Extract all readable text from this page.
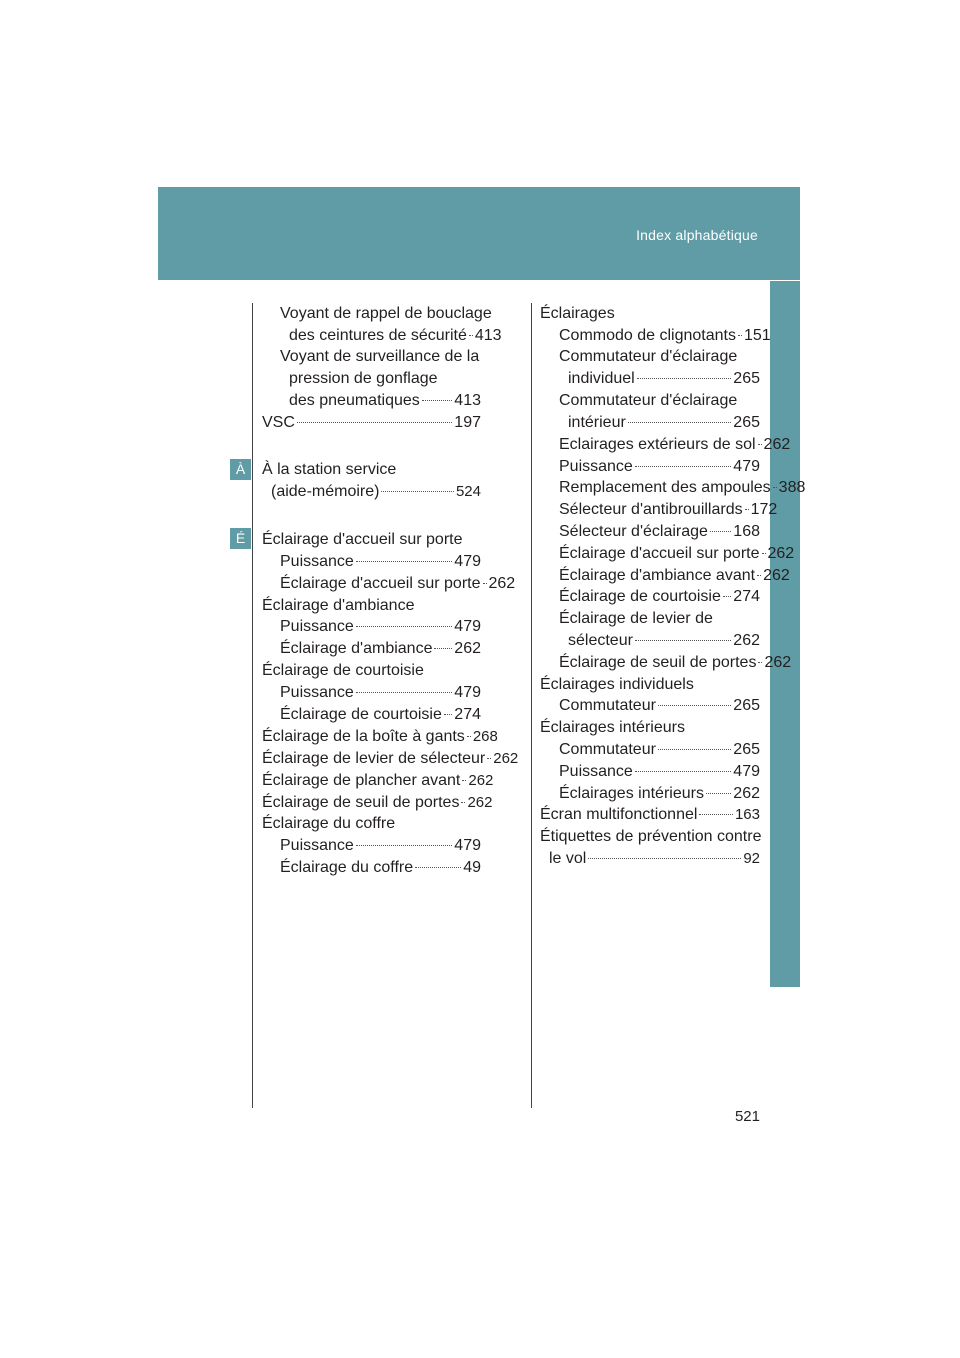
Index alphabétique
À
É
Voyant de rappel de bouclage
des ceintures de sécurité 413
Voyant de surveillance de la
pression de gonflage
des pneumatiques 413
VSC	197
À la station service
(aide-mémoire)	524
Éclairage d'accueil sur porte
Puissance	479
Éclairage d'accueil sur porte 262
Éclairage d'ambiance
Puissance	479
Éclairage d'ambiance 262
Éclairage de courtoisie
Puissance	479
Éclairage de courtoisie 274
Éclairage de la boîte à gants 268
Éclairage de levier de sélecteur 262
Éclairage de plancher avant 262
Éclairage de seuil de portes 262
Éclairage du coffre
Puissance	479
Éclairage du coffre	49
Éclairages
Commodo de clignotants 151
Commutateur d'éclairage
individuel	265
Commutateur d'éclairage
intérieur	265
Eclairages extérieurs de sol 262
Puissance	479
Remplacement des ampoules 388
Sélecteur d'antibrouillards 172
Sélecteur d'éclairage 168
Éclairage d'accueil sur porte 262
Éclairage d'ambiance avant 262
Éclairage de courtoisie 274
Éclairage de levier de
sélecteur	262
Éclairage de seuil de portes 262
Éclairages individuels
Commutateur	265
Éclairages intérieurs
Commutateur	265
Puissance	479
Éclairages intérieurs 262
Écran multifonctionnel	163
Étiquettes de prévention contre
le vol	92
521
